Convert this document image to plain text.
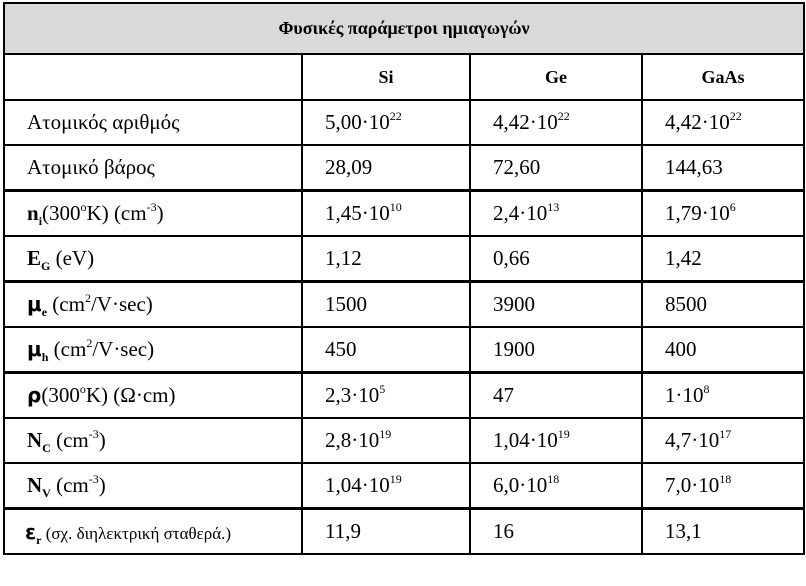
Φυσικές παράμετροι ημιαγωγών			
	Si	Ge	GaAs
Ατομικός αριθμός	$5,00\cdot 10^{22}$	$4,42\cdot 10^{22}$	$4,42\cdot 10^{22}$
Ατομικό βάρος	28,09	72,60	144,63
$n_i(300^oK)$ $(cm^{-3})$	$1,45\cdot 10^{10}$	$2,4\cdot 10^{13}$	$1,79\cdot 10^6$
$E_G$ (eV)	1,12	0,66	1,42
$\mu_e$ $(cm^2/V\cdot\sec)$	1500	3900	8500
$\mu_h$ $(cm^2/V\cdot\sec)$	450	1900	400
ρ(300$^o$K) (Ω·cm)	$2,3\cdot 10^5$	47	$1\cdot 10^8$
$N_C$ $(cm^{-3})$	$2,8\cdot 10^{19}$	$1,04\cdot 10^{19}$	$4,7\cdot 10^{17}$
$N_V$ $(cm^{-3})$	$1,04\cdot 10^{19}$	$6,0\cdot 10^{18}$	$7,0\cdot 10^{18}$
$\varepsilon_r$ (σχ. διηλεκτρική σταθερά.)	11,9	16	13,1
